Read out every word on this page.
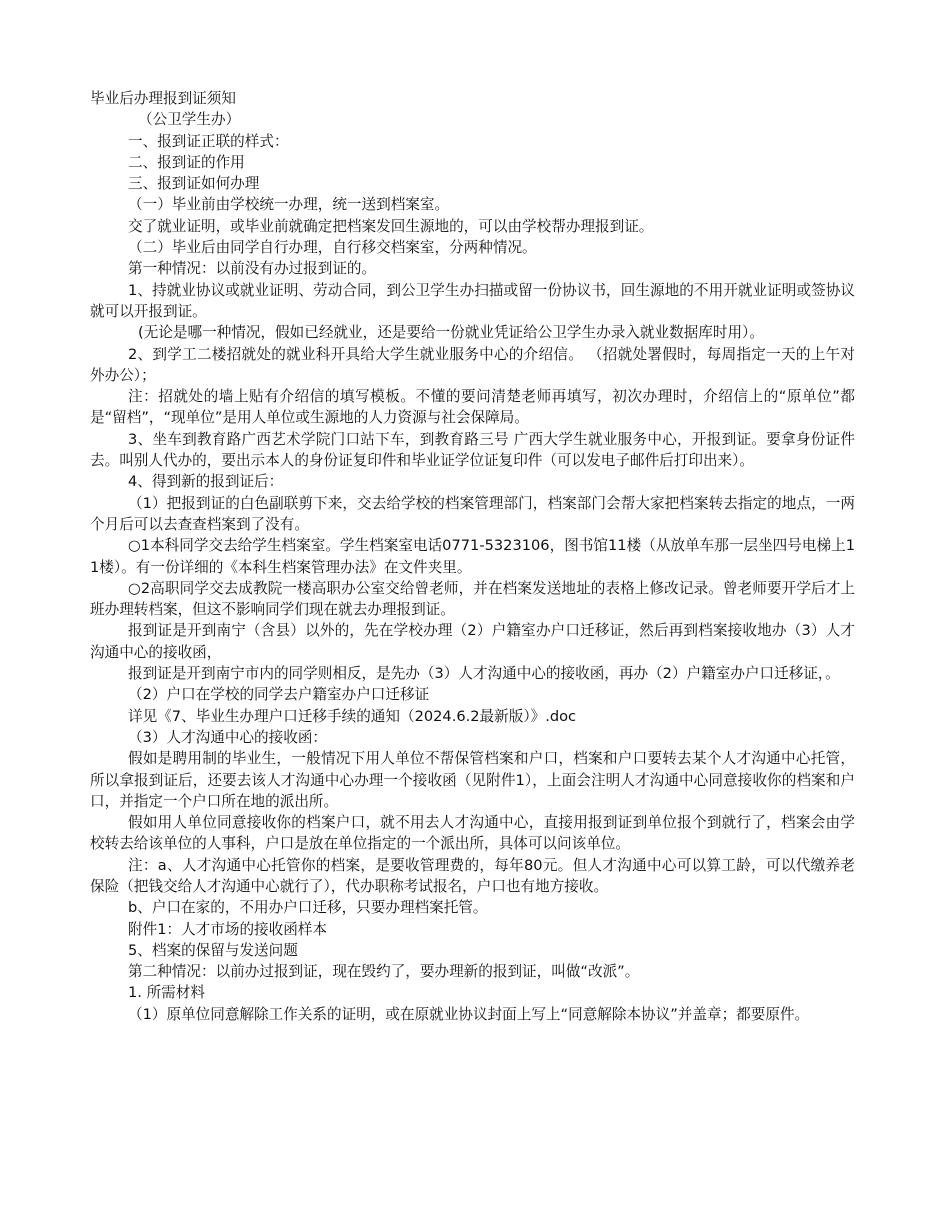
毕业后办理报到证须知

（公卫学生办）

一、报到证正联的样式：

二、报到证的作用

三、报到证如何办理

（一）毕业前由学校统一办理，统一送到档案室。

交了就业证明，或毕业前就确定把档案发回生源地的，可以由学校帮办理报到证。

（二）毕业后由同学自行办理，自行移交档案室，分两种情况。

第一种情况：以前没有办过报到证的。

1、持就业协议或就业证明、劳动合同，到公卫学生办扫描或留一份协议书，回生源地的不用开就业证明或签协议就可以开报到证。

(无论是哪一种情况，假如已经就业，还是要给一份就业凭证给公卫学生办录入就业数据库时用）。

2、到学工二楼招就处的就业科开具给大学生就业服务中心的介绍信。 （招就处署假时，每周指定一天的上午对外办公）；

注：招就处的墙上贴有介绍信的填写模板。不懂的要问清楚老师再填写，初次办理时，介绍信上的“原单位”都是“留档”，“现单位”是用人单位或生源地的人力资源与社会保障局。

3、坐车到教育路广西艺术学院门口站下车，到教育路三号 广西大学生就业服务中心，开报到证。要拿身份证件去。叫别人代办的，要出示本人的身份证复印件和毕业证学位证复印件（可以发电子邮件后打印出来）。

4、得到新的报到证后：

（1）把报到证的白色副联剪下来，交去给学校的档案管理部门，档案部门会帮大家把档案转去指定的地点，一两个月后可以去查查档案到了没有。

○1本科同学交去给学生档案室。学生档案室电话0771-5323106，图书馆11楼（从放单车那一层坐四号电梯上11楼）。有一份详细的《本科生档案管理办法》在文件夹里。

○2高职同学交去成教院一楼高职办公室交给曾老师，并在档案发送地址的表格上修改记录。曾老师要开学后才上班办理转档案，但这不影响同学们现在就去办理报到证。

报到证是开到南宁（含县）以外的，先在学校办理（2）户籍室办户口迁移证，然后再到档案接收地办（3）人才沟通中心的接收函，

报到证是开到南宁市内的同学则相反，是先办（3）人才沟通中心的接收函，再办（2）户籍室办户口迁移证，。

（2）户口在学校的同学去户籍室办户口迁移证

详见《7、毕业生办理户口迁移手续的通知（2024.6.2最新版）》.doc

（3）人才沟通中心的接收函：

假如是聘用制的毕业生，一般情况下用人单位不帮保管档案和户口，档案和户口要转去某个人才沟通中心托管，所以拿报到证后，还要去该人才沟通中心办理一个接收函（见附件1），上面会注明人才沟通中心同意接收你的档案和户口，并指定一个户口所在地的派出所。

假如用人单位同意接收你的档案户口，就不用去人才沟通中心，直接用报到证到单位报个到就行了，档案会由学校转去给该单位的人事科，户口是放在单位指定的一个派出所，具体可以问该单位。

注：a、人才沟通中心托管你的档案，是要收管理费的，每年80元。但人才沟通中心可以算工龄，可以代缴养老保险（把钱交给人才沟通中心就行了），代办职称考试报名，户口也有地方接收。

b、户口在家的，不用办户口迁移，只要办理档案托管。

附件1：人才市场的接收函样本

5、档案的保留与发送问题

第二种情况：以前办过报到证，现在毁约了，要办理新的报到证，叫做“改派”。

1. 所需材料

（1）原单位同意解除工作关系的证明，或在原就业协议封面上写上“同意解除本协议”并盖章；都要原件。
